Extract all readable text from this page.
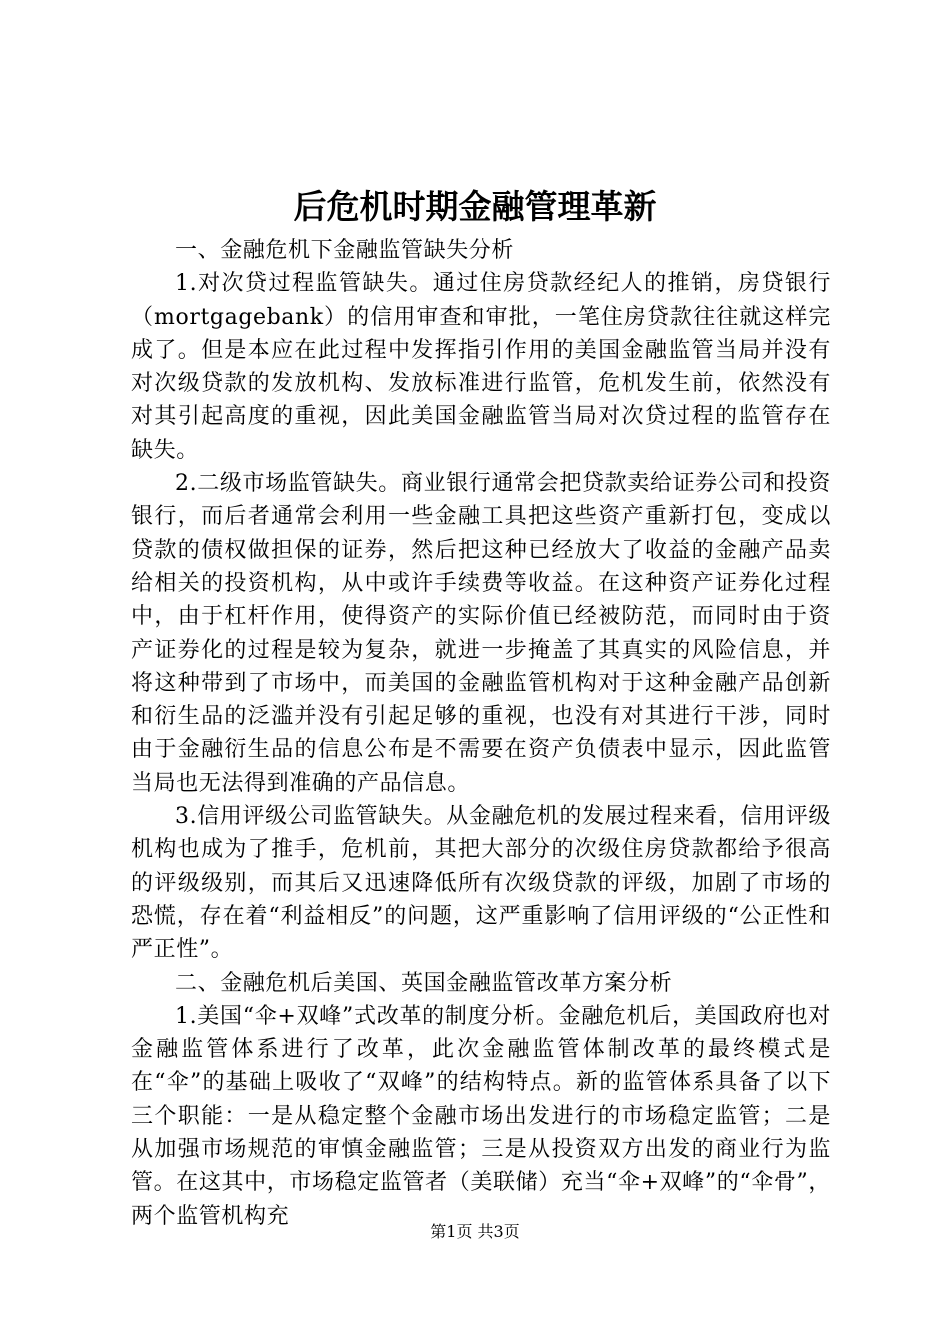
后危机时期金融管理革新

一、金融危机下金融监管缺失分析

1.对次贷过程监管缺失。通过住房贷款经纪人的推销，房贷银行（mortgagebank）的信用审查和审批，一笔住房贷款往往就这样完成了。但是本应在此过程中发挥指引作用的美国金融监管当局并没有对次级贷款的发放机构、发放标准进行监管，危机发生前，依然没有对其引起高度的重视，因此美国金融监管当局对次贷过程的监管存在缺失。

2.二级市场监管缺失。商业银行通常会把贷款卖给证券公司和投资银行，而后者通常会利用一些金融工具把这些资产重新打包，变成以贷款的债权做担保的证券，然后把这种已经放大了收益的金融产品卖给相关的投资机构，从中或许手续费等收益。在这种资产证券化过程中，由于杠杆作用，使得资产的实际价值已经被防范，而同时由于资产证券化的过程是较为复杂，就进一步掩盖了其真实的风险信息，并将这种带到了市场中，而美国的金融监管机构对于这种金融产品创新和衍生品的泛滥并没有引起足够的重视，也没有对其进行干涉，同时由于金融衍生品的信息公布是不需要在资产负债表中显示，因此监管当局也无法得到准确的产品信息。

3.信用评级公司监管缺失。从金融危机的发展过程来看，信用评级机构也成为了推手，危机前，其把大部分的次级住房贷款都给予很高的评级级别，而其后又迅速降低所有次级贷款的评级，加剧了市场的恐慌，存在着“利益相反”的问题，这严重影响了信用评级的“公正性和严正性”。

二、金融危机后美国、英国金融监管改革方案分析

1.美国“伞+双峰”式改革的制度分析。金融危机后，美国政府也对金融监管体系进行了改革，此次金融监管体制改革的最终模式是在“伞”的基础上吸收了“双峰”的结构特点。新的监管体系具备了以下三个职能：一是从稳定整个金融市场出发进行的市场稳定监管；二是从加强市场规范的审慎金融监管；三是从投资双方出发的商业行为监管。在这其中，市场稳定监管者（美联储）充当“伞+双峰”的“伞骨”，两个监管机构充

第1页 共3页
